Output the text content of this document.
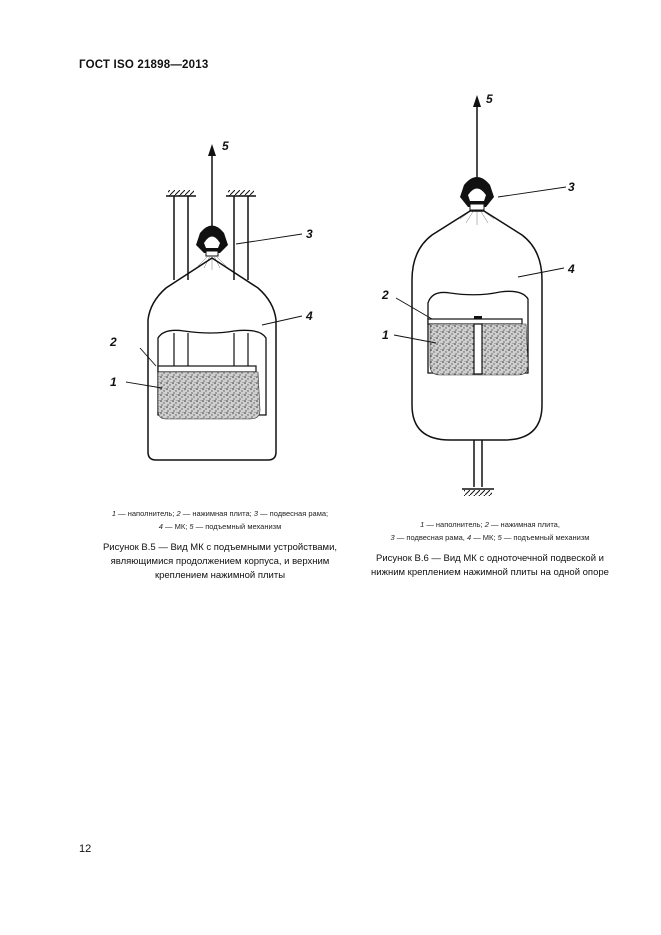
ГОСТ ISO 21898—2013
5
3
4
2
1
5
3
4
2
1
1 — наполнитель; 2 — нажимная плита; 3 — подвесная рама;
4 — МК; 5 — подъемный механизм
Рисунок В.5 — Вид МК с подъемными устройствами,
являющимися продолжением корпуса, и верхним
креплением нажимной плиты
1 — наполнитель; 2 — нажимная плита,
3 — подвесная рама, 4 — МК; 5 — подъемный механизм
Рисунок В.6 — Вид МК с одноточечной подвеской и
нижним креплением нажимной плиты на одной опоре
12
